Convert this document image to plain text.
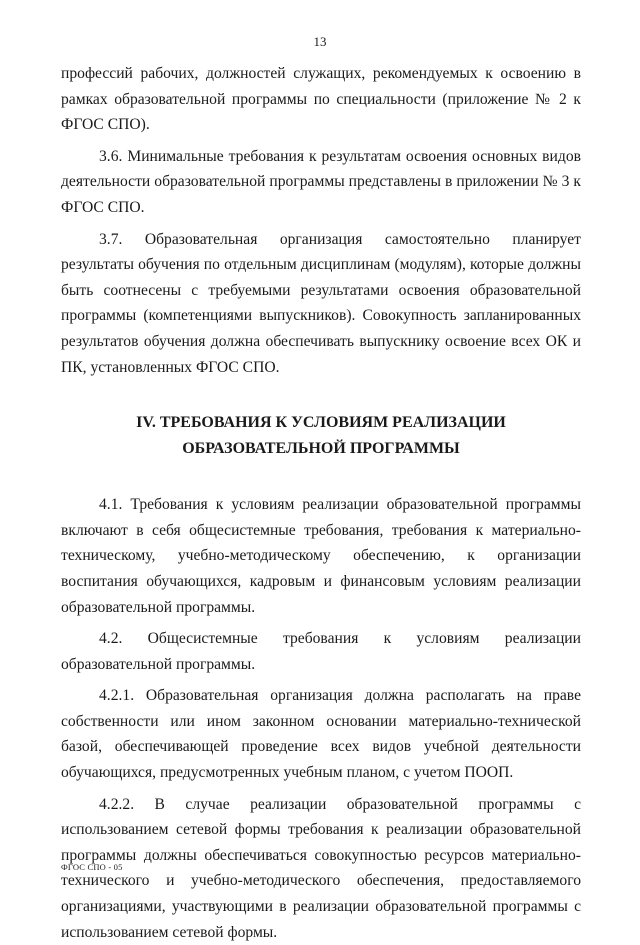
13

профессий рабочих, должностей служащих, рекомендуемых к освоению в рамках образовательной программы по специальности (приложение № 2 к ФГОС СПО).

3.6. Минимальные требования к результатам освоения основных видов деятельности образовательной программы представлены в приложении № 3 к ФГОС СПО.

3.7. Образовательная организация самостоятельно планирует результаты обучения по отдельным дисциплинам (модулям), которые должны быть соотнесены с требуемыми результатами освоения образовательной программы (компетенциями выпускников). Совокупность запланированных результатов обучения должна обеспечивать выпускнику освоение всех ОК и ПК, установленных ФГОС СПО.

IV. ТРЕБОВАНИЯ К УСЛОВИЯМ РЕАЛИЗАЦИИ ОБРАЗОВАТЕЛЬНОЙ ПРОГРАММЫ

4.1. Требования к условиям реализации образовательной программы включают в себя общесистемные требования, требования к материально-техническому, учебно-методическому обеспечению, к организации воспитания обучающихся, кадровым и финансовым условиям реализации образовательной программы.

4.2. Общесистемные требования к условиям реализации образовательной программы.

4.2.1. Образовательная организация должна располагать на праве собственности или ином законном основании материально-технической базой, обеспечивающей проведение всех видов учебной деятельности обучающихся, предусмотренных учебным планом, с учетом ПООП.

4.2.2. В случае реализации образовательной программы с использованием сетевой формы требования к реализации образовательной программы должны обеспечиваться совокупностью ресурсов материально-технического и учебно-методического обеспечения, предоставляемого организациями, участвующими в реализации образовательной программы с использованием сетевой формы.

ФГОС СПО - 05
